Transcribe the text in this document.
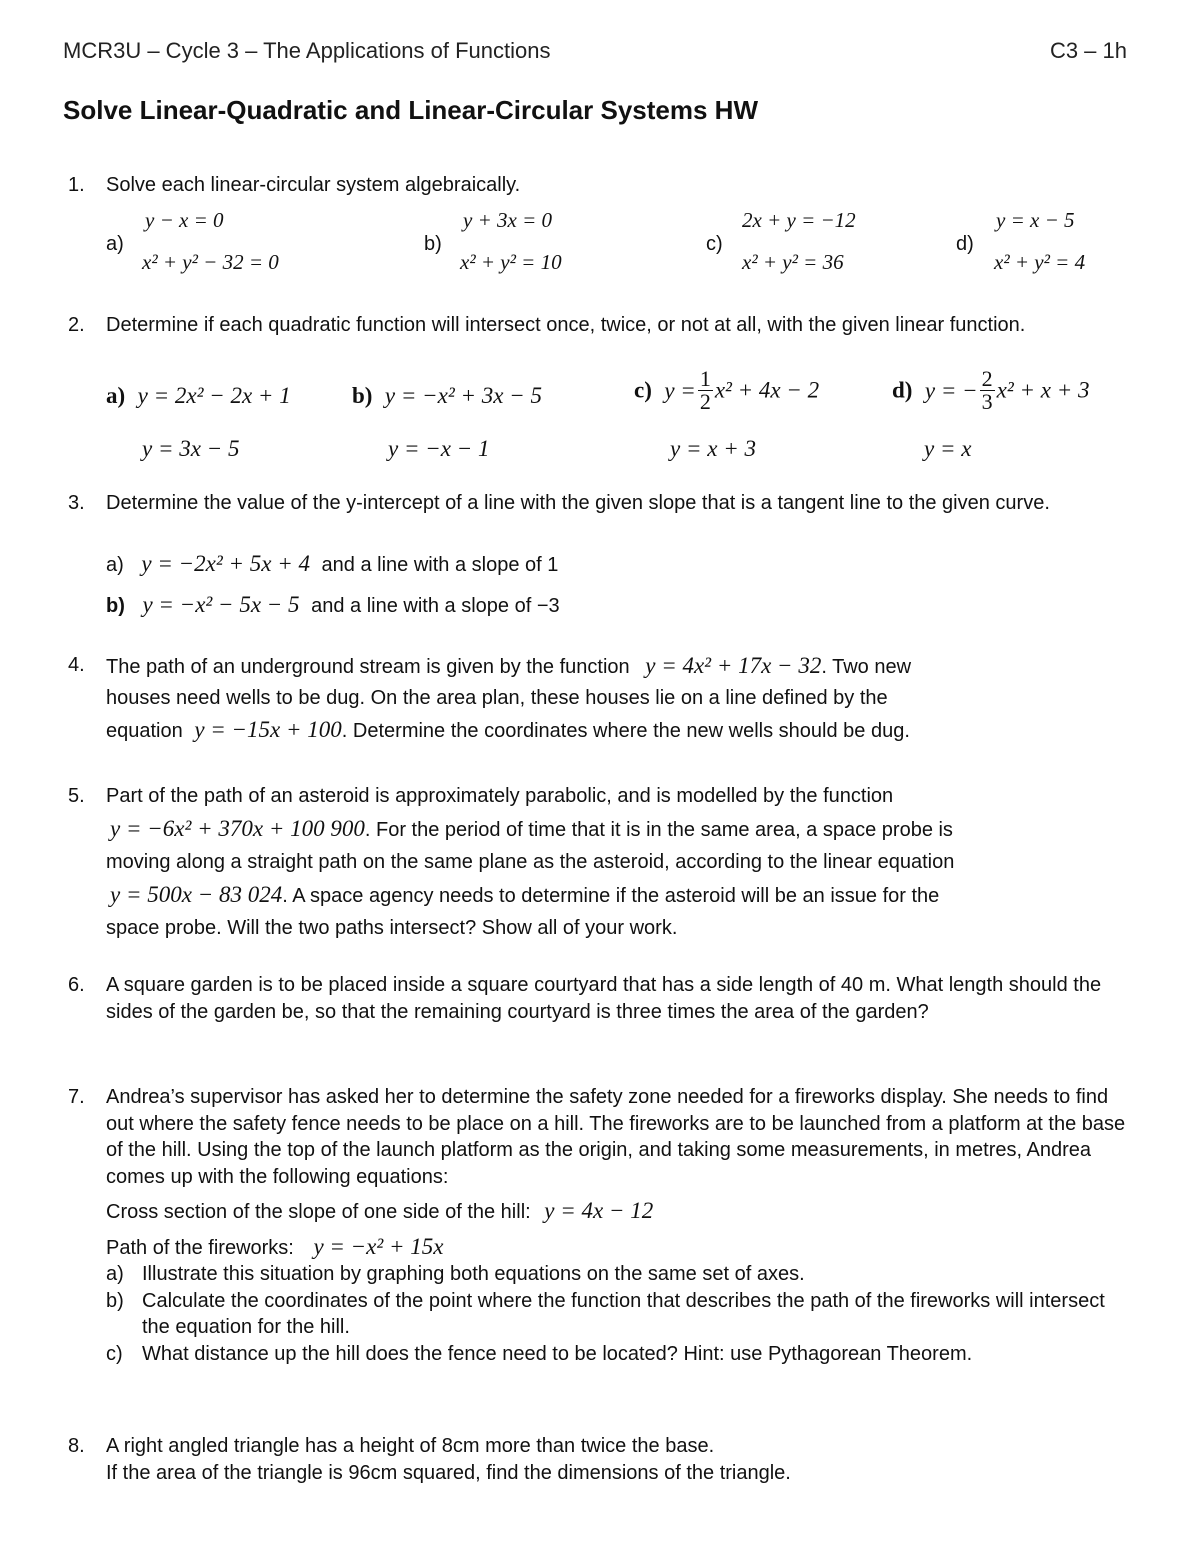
MCR3U – Cycle 3 – The Applications of Functions	C3 – 1h
Solve Linear-Quadratic and Linear-Circular Systems HW
1. Solve each linear-circular system algebraically.
a)
y − x = 0
x² + y² − 32 = 0
b)
y + 3x = 0
x² + y² = 10
c)
2x + y = −12
x² + y² = 36
d)
y = x − 5
x² + y² = 4
2. Determine if each quadratic function will intersect once, twice, or not at all, with the given linear function.
a) y = 2x² − 2x + 1
y = 3x − 5
b) y = −x² + 3x − 5
y = −x − 1
c) $y = \frac{1}{2} x^2 + 4x - 2$
y = x + 3
d) y = − $\frac{2}{3} x^2 + x + 3$
y = x
3. Determine the value of the y-intercept of a line with the given slope that is a tangent line to the given curve.
a) y = −2x² + 5x + 4 and a line with a slope of 1
b) y = −x² − 5x − 5 and a line with a slope of −3
4. The path of an underground stream is given by the function y = 4x² + 17x − 32. Two new
houses need wells to be dug. On the area plan, these houses lie on a line defined by the
equation y = −15x + 100. Determine the coordinates where the new wells should be dug.
5. Part of the path of an asteroid is approximately parabolic, and is modelled by the function
y = −6x² + 370x + 100 900. For the period of time that it is in the same area, a space probe is
moving along a straight path on the same plane as the asteroid, according to the linear equation
y = 500x − 83 024. A space agency needs to determine if the asteroid will be an issue for the
space probe. Will the two paths intersect? Show all of your work.
6. A square garden is to be placed inside a square courtyard that has a side length of 40 m. What length should the sides of the garden be, so that the remaining courtyard is three times the area of the garden?
7. Andrea’s supervisor has asked her to determine the safety zone needed for a fireworks display. She needs to find out where the safety fence needs to be place on a hill. The fireworks are to be launched from a platform at the base of the hill. Using the top of the launch platform as the origin, and taking some measurements, in metres, Andrea comes up with the following equations:
Cross section of the slope of one side of the hill: y = 4x − 12
Path of the fireworks: y = −x² + 15x
a) Illustrate this situation by graphing both equations on the same set of axes.
b) Calculate the coordinates of the point where the function that describes the path of the fireworks will intersect the equation for the hill.
c) What distance up the hill does the fence need to be located? Hint: use Pythagorean Theorem.
8. A right angled triangle has a height of 8cm more than twice the base.
If the area of the triangle is 96cm squared, find the dimensions of the triangle.
